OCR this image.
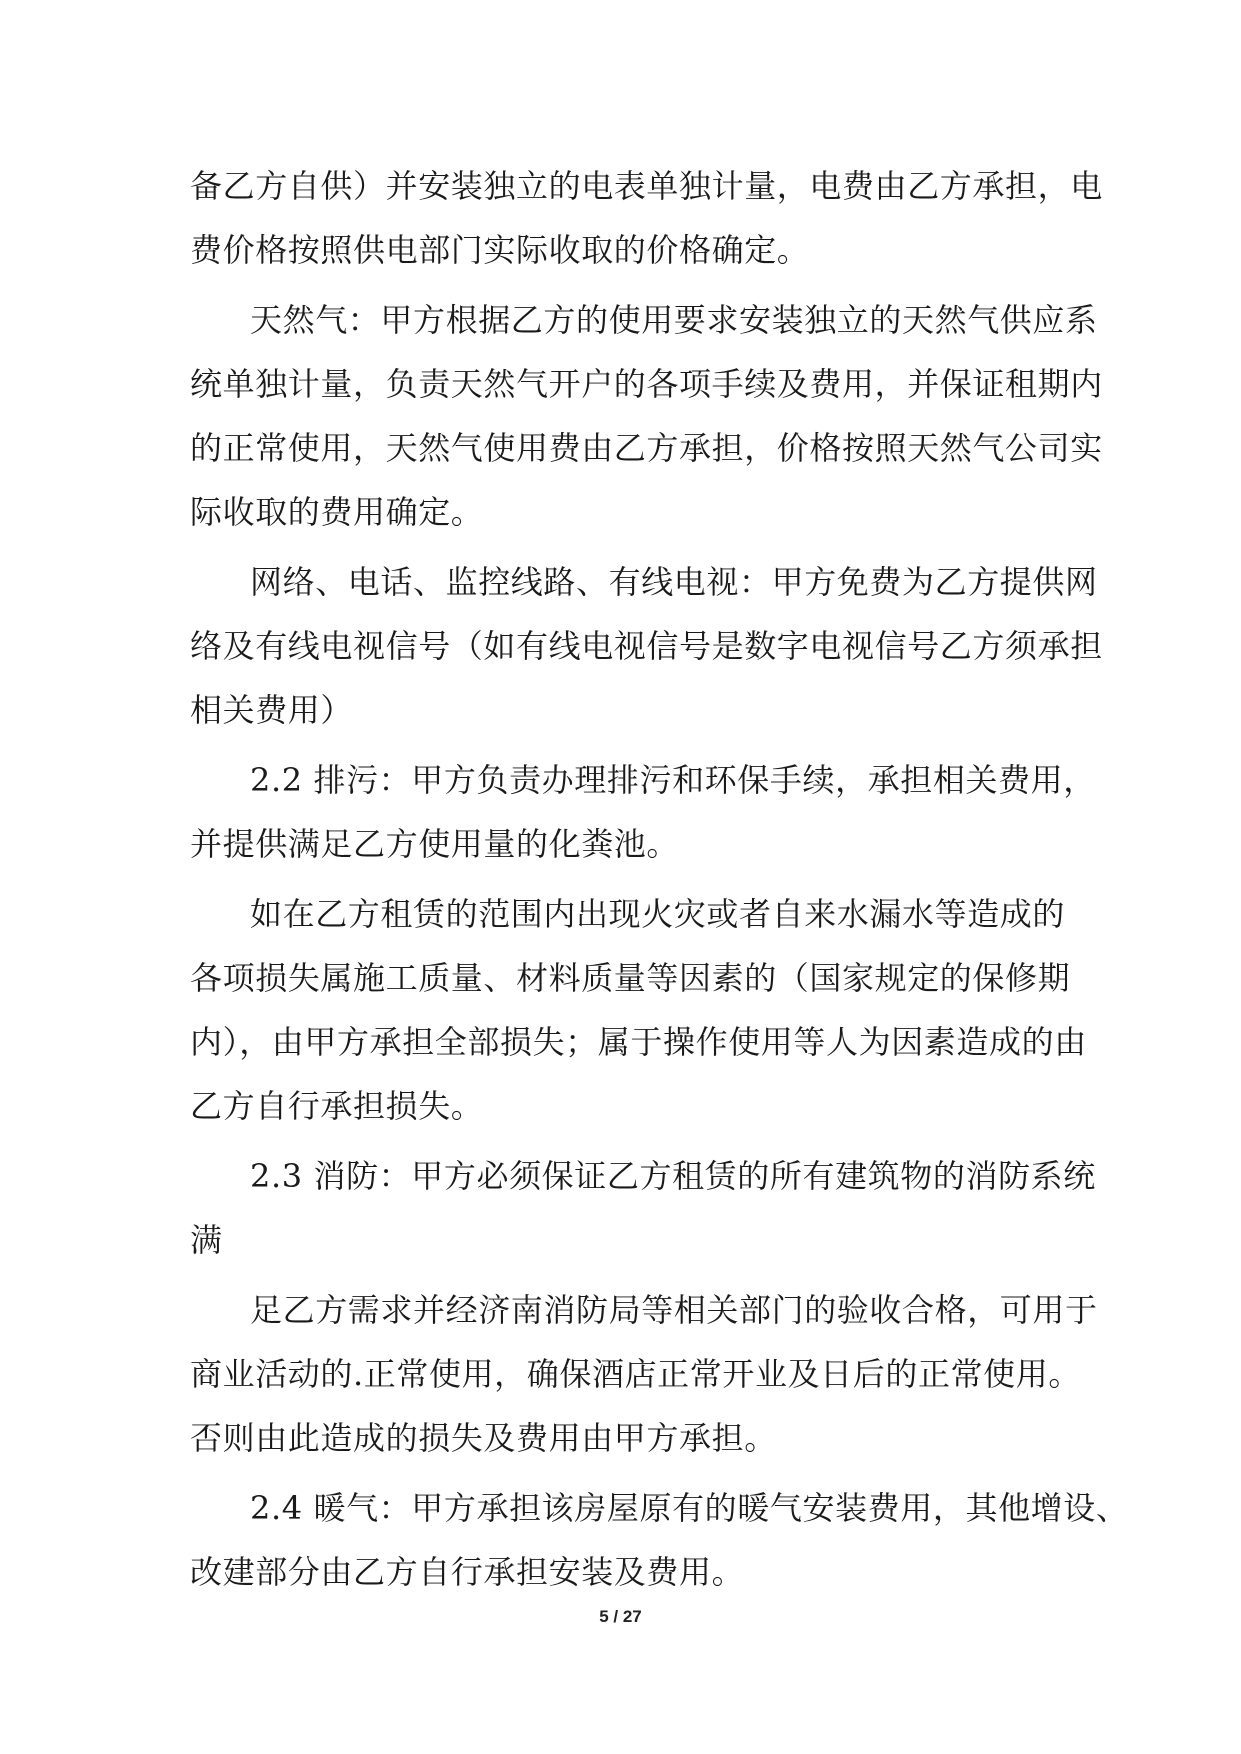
备乙方自供）并安装独立的电表单独计量，电费由乙方承担，电
费价格按照供电部门实际收取的价格确定。
天然气：甲方根据乙方的使用要求安装独立的天然气供应系
统单独计量，负责天然气开户的各项手续及费用，并保证租期内
的正常使用，天然气使用费由乙方承担，价格按照天然气公司实
际收取的费用确定。
网络、电话、监控线路、有线电视：甲方免费为乙方提供网
络及有线电视信号（如有线电视信号是数字电视信号乙方须承担
相关费用）
2.2 排污：甲方负责办理排污和环保手续，承担相关费用，
并提供满足乙方使用量的化粪池。
如在乙方租赁的范围内出现火灾或者自来水漏水等造成的
各项损失属施工质量、材料质量等因素的（国家规定的保修期
内），由甲方承担全部损失；属于操作使用等人为因素造成的由
乙方自行承担损失。
2.3 消防：甲方必须保证乙方租赁的所有建筑物的消防系统
满
足乙方需求并经济南消防局等相关部门的验收合格，可用于
商业活动的.正常使用，确保酒店正常开业及日后的正常使用。
否则由此造成的损失及费用由甲方承担。
2.4 暖气：甲方承担该房屋原有的暖气安装费用，其他增设、
改建部分由乙方自行承担安装及费用。
5 / 27
